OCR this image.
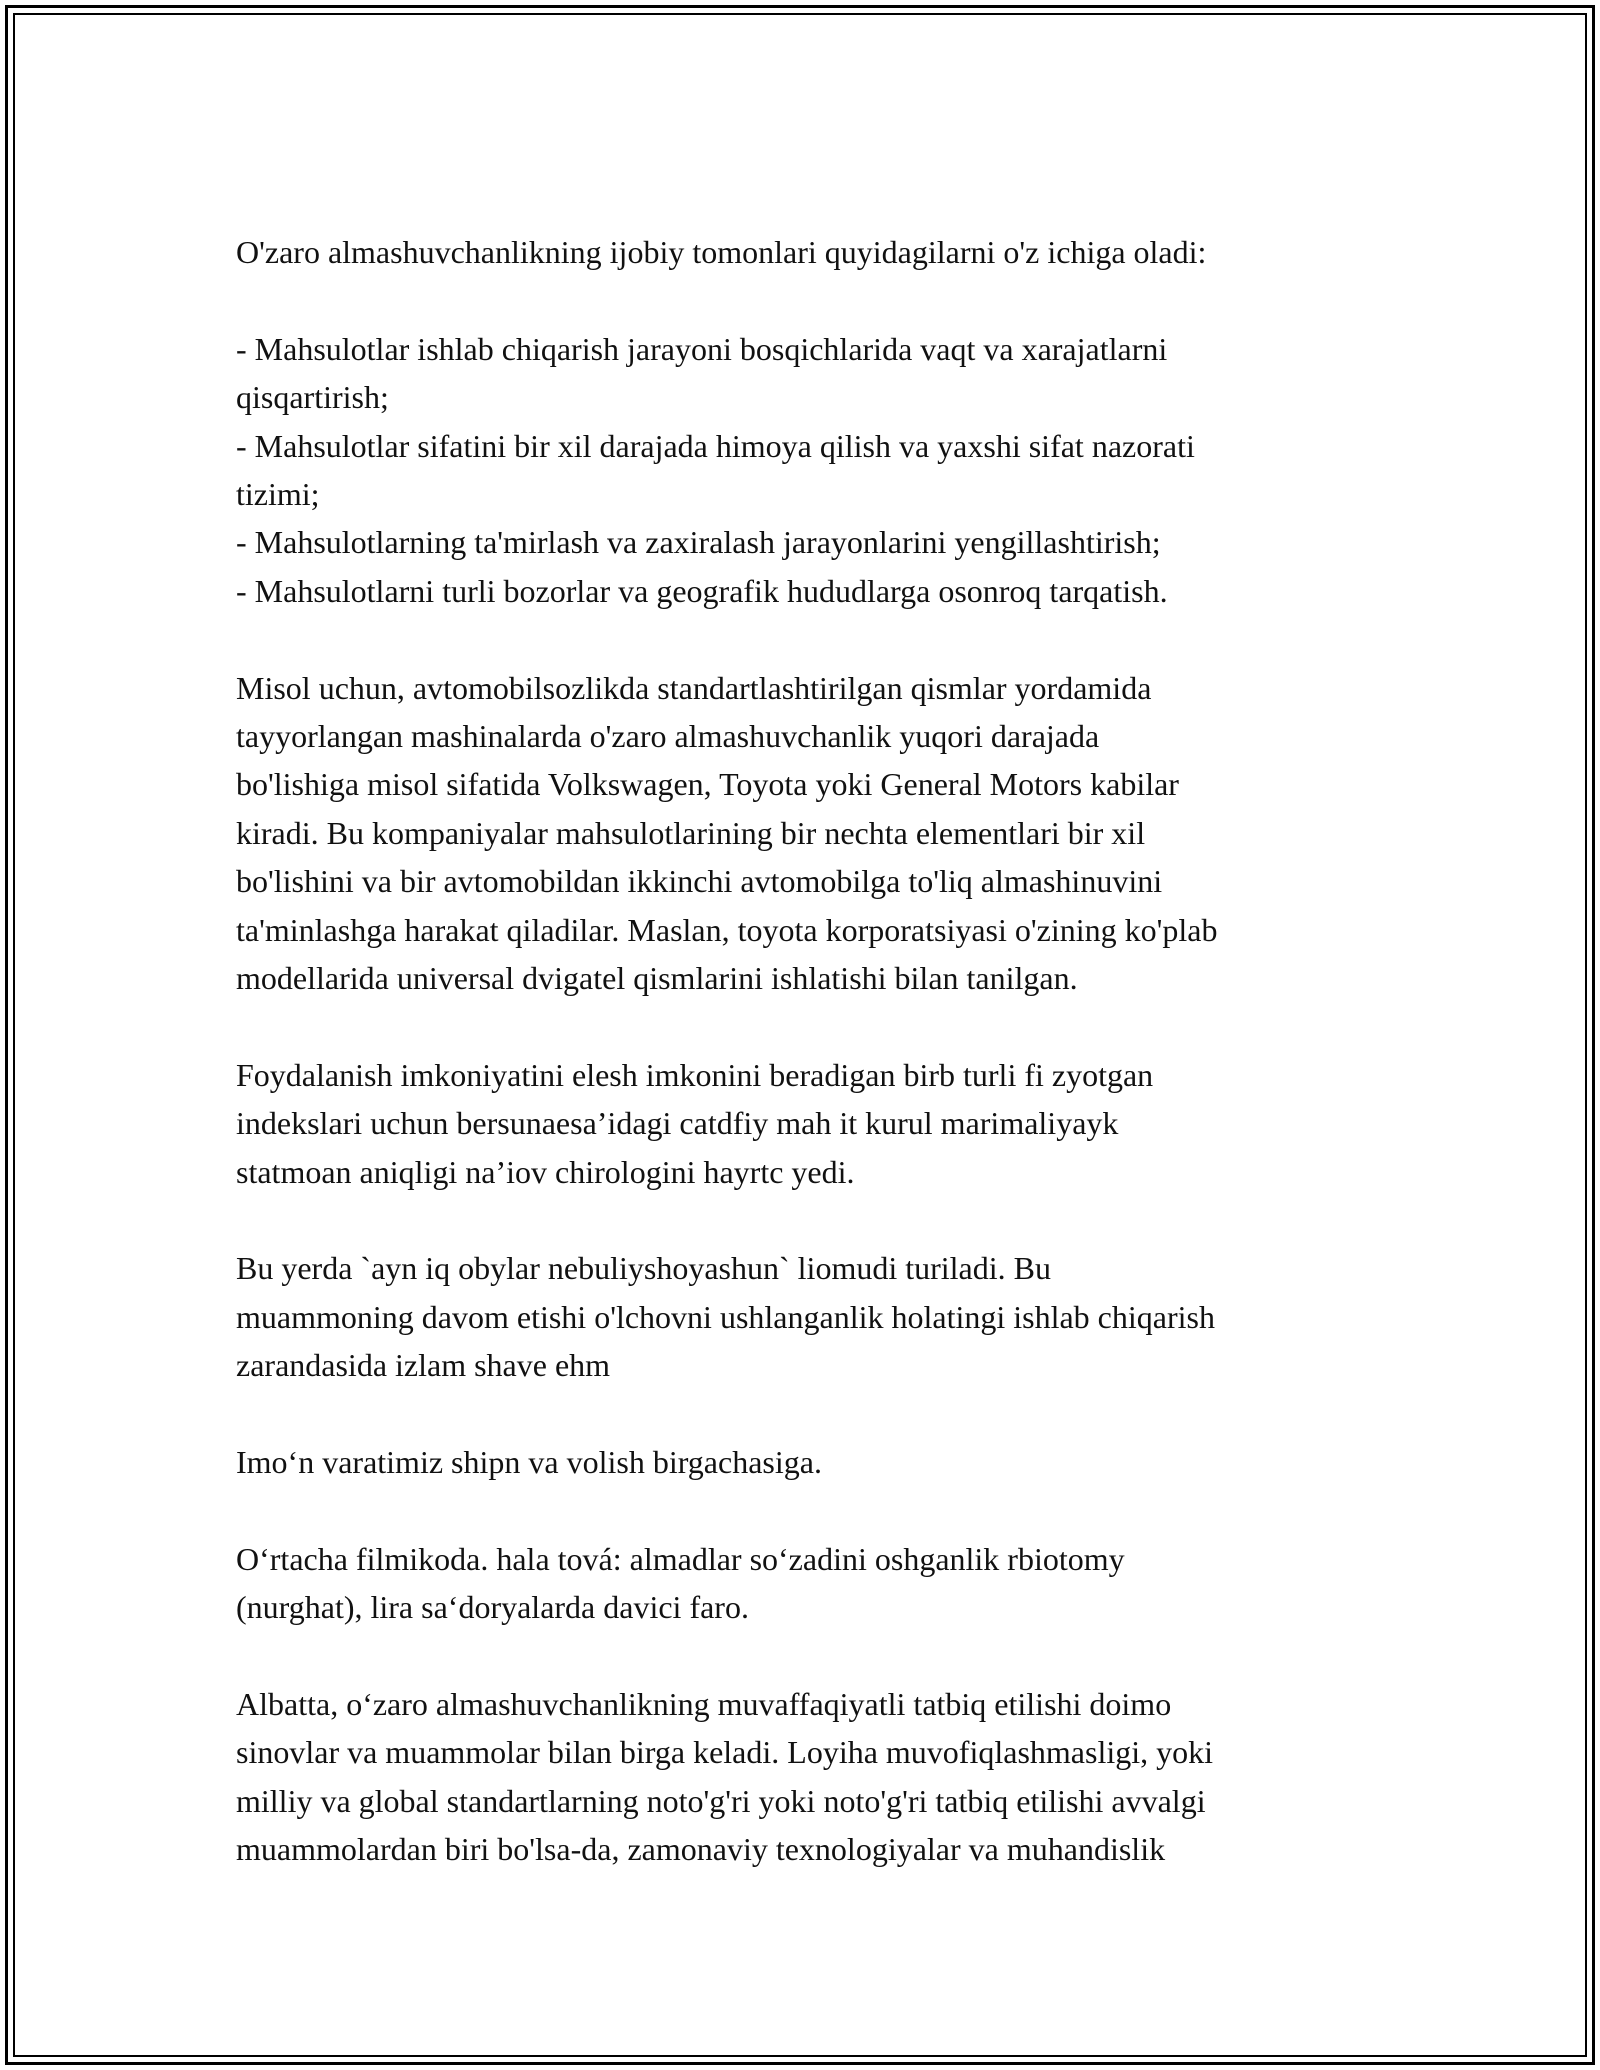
O'zaro almashuvchanlikning ijobiy tomonlari quyidagilarni o'z ichiga oladi:

- Mahsulotlar ishlab chiqarish jarayoni bosqichlarida vaqt va xarajatlarni
qisqartirish;
- Mahsulotlar sifatini bir xil darajada himoya qilish va yaxshi sifat nazorati
tizimi;
- Mahsulotlarning ta'mirlash va zaxiralash jarayonlarini yengillashtirish;
- Mahsulotlarni turli bozorlar va geografik hududlarga osonroq tarqatish.

Misol uchun, avtomobilsozlikda standartlashtirilgan qismlar yordamida
tayyorlangan mashinalarda o'zaro almashuvchanlik yuqori darajada
bo'lishiga misol sifatida Volkswagen, Toyota yoki General Motors kabilar
kiradi. Bu kompaniyalar mahsulotlarining bir nechta elementlari bir xil
bo'lishini va bir avtomobildan ikkinchi avtomobilga to'liq almashinuvini
ta'minlashga harakat qiladilar. Maslan, toyota korporatsiyasi o'zining ko'plab
modellarida universal dvigatel qismlarini ishlatishi bilan tanilgan.

Foydalanish imkoniyatini elesh imkonini beradigan birb turli fi zyotgan
indekslari uchun bersunaesa’idagi catdfiy mah it kurul marimaliyayk
statmoan aniqligi na’iov chirologini hayrtc yedi.

Bu yerda `ayn iq obylar nebuliyshoyashun` liomudi turiladi. Bu
muammoning davom etishi o'lchovni ushlanganlik holatingi ishlab chiqarish
zarandasida izlam shave ehm

Imo‘n varatimiz shipn va volish birgachasiga.

O‘rtacha filmikoda. hala tová: almadlar so‘zadini oshganlik rbiotomy
(nurghat), lira sa‘doryalarda davici faro.

Albatta, o‘zaro almashuvchanlikning muvaffaqiyatli tatbiq etilishi doimo
sinovlar va muammolar bilan birga keladi. Loyiha muvofiqlashmasligi, yoki
milliy va global standartlarning noto'g'ri yoki noto'g'ri tatbiq etilishi avvalgi
muammolardan biri bo'lsa-da, zamonaviy texnologiyalar va muhandislik
